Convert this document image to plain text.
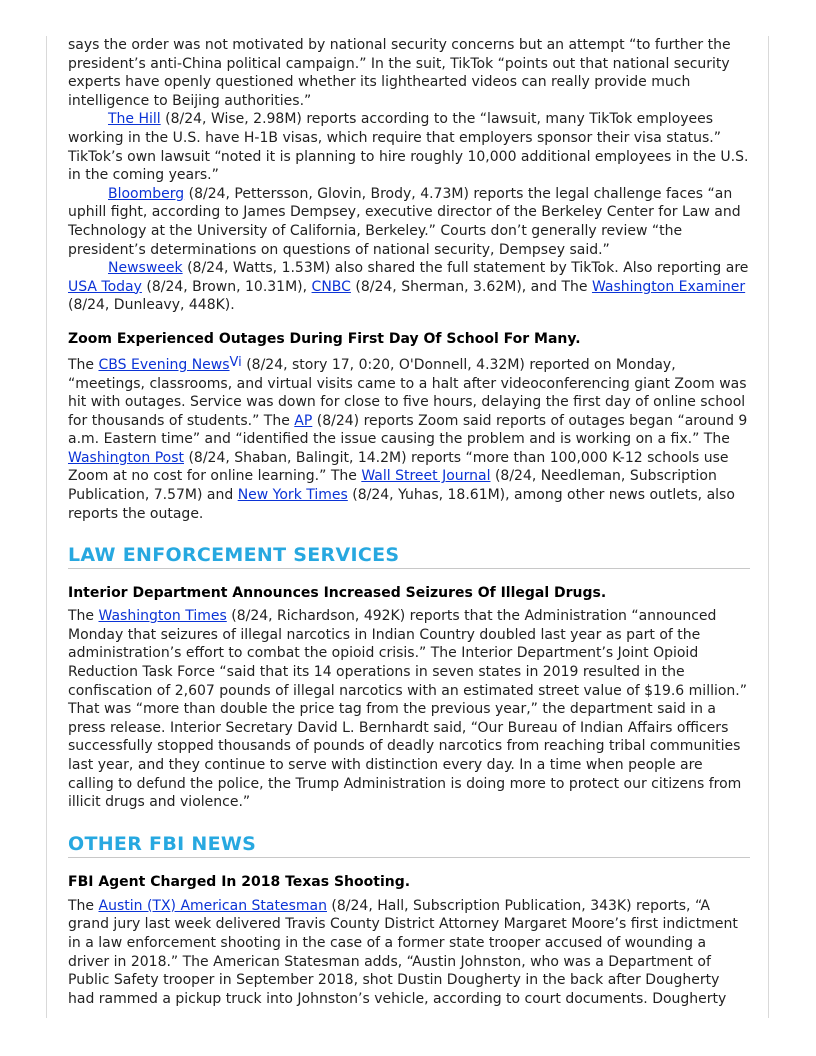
says the order was not motivated by national security concerns but an attempt “to further the president’s anti-China political campaign.” In the suit, TikTok “points out that national security experts have openly questioned whether its lighthearted videos can really provide much intelligence to Beijing authorities.”

The Hill (8/24, Wise, 2.98M) reports according to the “lawsuit, many TikTok employees working in the U.S. have H-1B visas, which require that employers sponsor their visa status.” TikTok’s own lawsuit “noted it is planning to hire roughly 10,000 additional employees in the U.S. in the coming years.”

Bloomberg (8/24, Pettersson, Glovin, Brody, 4.73M) reports the legal challenge faces “an uphill fight, according to James Dempsey, executive director of the Berkeley Center for Law and Technology at the University of California, Berkeley.” Courts don’t generally review “the president’s determinations on questions of national security, Dempsey said.”

Newsweek (8/24, Watts, 1.53M) also shared the full statement by TikTok. Also reporting are USA Today (8/24, Brown, 10.31M), CNBC (8/24, Sherman, 3.62M), and The Washington Examiner (8/24, Dunleavy, 448K).

Zoom Experienced Outages During First Day Of School For Many.

The CBS Evening News$^{Vi}$ (8/24, story 17, 0:20, O'Donnell, 4.32M) reported on Monday, “meetings, classrooms, and virtual visits came to a halt after videoconferencing giant Zoom was hit with outages. Service was down for close to five hours, delaying the first day of online school for thousands of students.” The AP (8/24) reports Zoom said reports of outages began “around 9 a.m. Eastern time” and “identified the issue causing the problem and is working on a fix.” The Washington Post (8/24, Shaban, Balingit, 14.2M) reports “more than 100,000 K-12 schools use Zoom at no cost for online learning.” The Wall Street Journal (8/24, Needleman, Subscription Publication, 7.57M) and New York Times (8/24, Yuhas, 18.61M), among other news outlets, also reports the outage.

LAW ENFORCEMENT SERVICES
Interior Department Announces Increased Seizures Of Illegal Drugs.

The Washington Times (8/24, Richardson, 492K) reports that the Administration “announced Monday that seizures of illegal narcotics in Indian Country doubled last year as part of the administration’s effort to combat the opioid crisis.” The Interior Department’s Joint Opioid Reduction Task Force “said that its 14 operations in seven states in 2019 resulted in the confiscation of 2,607 pounds of illegal narcotics with an estimated street value of $19.6 million.” That was “more than double the price tag from the previous year,” the department said in a press release. Interior Secretary David L. Bernhardt said, “Our Bureau of Indian Affairs officers successfully stopped thousands of pounds of deadly narcotics from reaching tribal communities last year, and they continue to serve with distinction every day. In a time when people are calling to defund the police, the Trump Administration is doing more to protect our citizens from illicit drugs and violence.”

OTHER FBI NEWS
FBI Agent Charged In 2018 Texas Shooting.

The Austin (TX) American Statesman (8/24, Hall, Subscription Publication, 343K) reports, “A grand jury last week delivered Travis County District Attorney Margaret Moore’s first indictment in a law enforcement shooting in the case of a former state trooper accused of wounding a driver in 2018.” The American Statesman adds, “Austin Johnston, who was a Department of Public Safety trooper in September 2018, shot Dustin Dougherty in the back after Dougherty had rammed a pickup truck into Johnston’s vehicle, according to court documents. Dougherty
